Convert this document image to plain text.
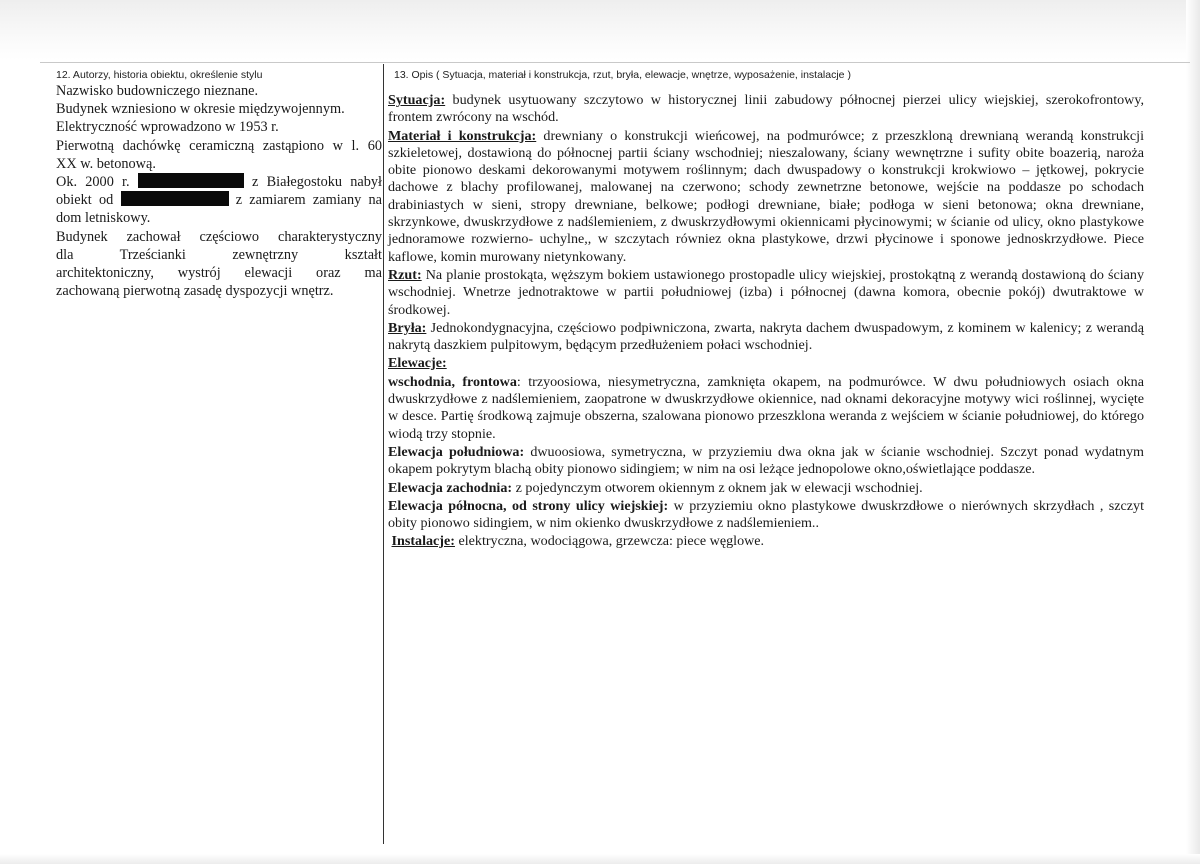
12. Autorzy, historia obiektu, określenie stylu

Nazwisko budowniczego nieznane.
Budynek wzniesiono w okresie międzywojennym.
Elektryczność wprowadzono w 1953 r.
Pierwotną dachówkę ceramiczną zastąpiono w l. 60
XX w. betonową.
Ok. 2000 r.	z Białegostoku nabył
obiekt od	z zamiarem zamiany na
dom letniskowy.
Budynek zachował częściowo charakterystyczny
dla Trześcianki zewnętrzny kształt
architektoniczny, wystrój elewacji oraz ma
zachowaną pierwotną zasadę dyspozycji wnętrz.

13. Opis ( Sytuacja, materiał i konstrukcja, rzut, bryła, elewacje, wnętrze, wyposażenie, instalacje )

Sytuacja: budynek usytuowany szczytowo w historycznej linii zabudowy północnej pierzei ulicy wiejskiej, szerokofrontowy, frontem zwrócony na wschód.

Materiał i konstrukcja: drewniany o konstrukcji wieńcowej, na podmurówce; z przeszkloną drewnianą werandą konstrukcji szkieletowej, dostawioną do północnej partii ściany wschodniej; nieszalowany, ściany wewnętrzne i sufity obite boazerią, naroża obite pionowo deskami dekorowanymi motywem roślinnym; dach dwuspadowy o konstrukcji krokwiowo – jętkowej, pokrycie dachowe z blachy profilowanej, malowanej na czerwono; schody zewnetrzne betonowe, wejście na poddasze po schodach drabiniastych w sieni, stropy drewniane, belkowe; podłogi drewniane, białe; podłoga w sieni betonowa; okna drewniane, skrzynkowe, dwuskrzydłowe z nadślemieniem, z dwuskrzydłowymi okiennicami płycinowymi; w ścianie od ulicy, okno plastykowe jednoramowe rozwierno- uchylne,, w szczytach równiez okna plastykowe, drzwi płycinowe i sponowe jednoskrzydłowe. Piece kaflowe, komin murowany nietynkowany.

Rzut: Na planie prostokąta, węższym bokiem ustawionego prostopadle ulicy wiejskiej, prostokątną z werandą dostawioną do ściany wschodniej. Wnetrze jednotraktowe w partii południowej (izba) i północnej (dawna komora, obecnie pokój) dwutraktowe w środkowej.

Bryła: Jednokondygnacyjna, częściowo podpiwniczona, zwarta, nakryta dachem dwuspadowym, z kominem w kalenicy; z werandą nakrytą daszkiem pulpitowym, będącym przedłużeniem połaci wschodniej.

Elewacje:

wschodnia, frontowa: trzyoosiowa, niesymetryczna, zamknięta okapem, na podmurówce. W dwu południowych osiach okna dwuskrzydłowe z nadślemieniem, zaopatrone w dwuskrzydłowe okiennice, nad oknami dekoracyjne motywy wici roślinnej, wycięte w desce. Partię środkową zajmuje obszerna, szalowana pionowo przeszklona weranda z wejściem w ścianie południowej, do którego wiodą trzy stopnie.

Elewacja południowa: dwuoosiowa, symetryczna, w przyziemiu dwa okna jak w ścianie wschodniej. Szczyt ponad wydatnym okapem pokrytym blachą obity pionowo sidingiem; w nim na osi leżące jednopolowe okno,oświetlające poddasze.

Elewacja zachodnia: z pojedynczym otworem okiennym z oknem jak w elewacji wschodniej.

Elewacja północna, od strony ulicy wiejskiej: w przyziemiu okno plastykowe dwuskrzdłowe o nierównych skrzydłach , szczyt obity pionowo sidingiem, w nim okienko dwuskrzydłowe z nadślemieniem..

Instalacje: elektryczna, wodociągowa, grzewcza: piece węglowe.
